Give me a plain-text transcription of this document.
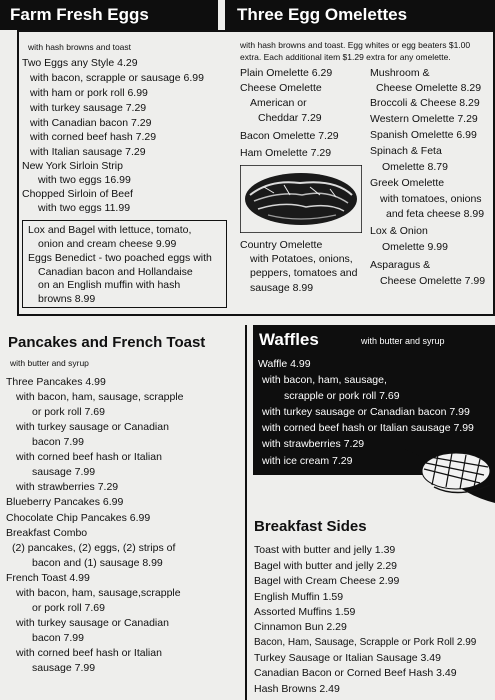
Farm Fresh Eggs	Three Egg Omelettes
with hash browns and toast
Two Eggs any Style 4.29
with bacon, scrapple or sausage 6.99
with ham or pork roll 6.99
with turkey sausage 7.29
with Canadian bacon 7.29
with corned beef hash 7.29
with Italian sausage 7.29
New York Sirloin Strip
with two eggs 16.99
Chopped Sirloin of Beef
with two eggs 11.99
Lox and Bagel with lettuce, tomato,
onion and cream cheese 9.99
Eggs Benedict - two poached eggs with
Canadian bacon and Hollandaise
on an English muffin with hash
browns 8.99
with hash browns and toast. Egg whites or egg beaters $1.00
extra. Each additional item $1.29 extra for any omelette.
Plain Omelette 6.29
Cheese Omelette
American or
Cheddar 7.29
Bacon Omelette 7.29
Ham Omelette 7.29
Country Omelette
with Potatoes, onions,
peppers, tomatoes and
sausage 8.99
Mushroom &
Cheese Omelette 8.29
Broccoli & Cheese 8.29
Western Omelette 7.29
Spanish Omelette 6.99
Spinach & Feta
Omelette 8.79
Greek Omelette
with tomatoes, onions
and feta cheese 8.99
Lox & Onion
Omelette 9.99
Asparagus &
Cheese Omelette 7.99
Pancakes and French Toast
with butter and syrup
Three Pancakes 4.99
with bacon, ham, sausage, scrapple
or pork roll 7.69
with turkey sausage or Canadian
bacon 7.99
with corned beef hash or Italian
sausage 7.99
with strawberries 7.29
Blueberry Pancakes 6.99
Chocolate Chip Pancakes 6.99
Breakfast Combo
(2) pancakes, (2) eggs, (2) strips of
bacon and (1) sausage 8.99
French Toast 4.99
with bacon, ham, sausage,scrapple
or pork roll 7.69
with turkey sausage or Canadian
bacon 7.99
with corned beef hash or Italian
sausage 7.99
Waffles	with butter and syrup
Waffle 4.99
with bacon, ham, sausage,
scrapple or pork roll 7.69
with turkey sausage or Canadian bacon 7.99
with corned beef hash or Italian sausage 7.99
with strawberries 7.29
with ice cream 7.29
Breakfast Sides
Toast with butter and jelly 1.39
Bagel with butter and jelly 2.29
Bagel with Cream Cheese 2.99
English Muffin 1.59
Assorted Muffins 1.59
Cinnamon Bun 2.29
Bacon, Ham, Sausage, Scrapple or Pork Roll 2.99
Turkey Sausage or Italian Sausage 3.49
Canadian Bacon or Corned Beef Hash 3.49
Hash Browns 2.49
